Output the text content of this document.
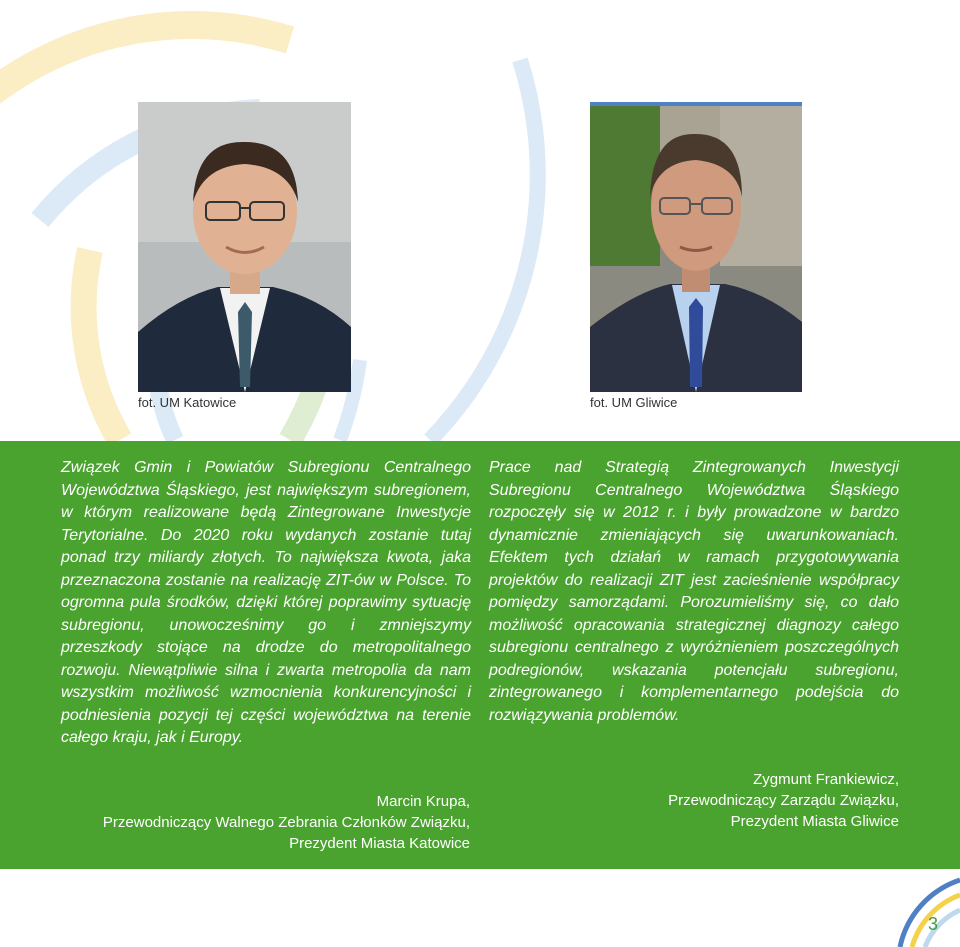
fot. UM Katowice	fot. UM Gliwice
Związek Gmin i Powiatów Subregionu Centralnego Województwa Śląskiego, jest największym subregionem, w którym realizowane będą Zintegrowane Inwestycje Terytorialne. Do 2020 roku wydanych zostanie tutaj ponad trzy miliardy złotych. To największa kwota, jaka przeznaczona zostanie na realizację ZIT-ów w Polsce. To ogromna pula środków, dzięki której poprawimy sytuację subregionu, unowocześnimy go i zmniejszymy przeszkody stojące na drodze do metropolitalnego rozwoju. Niewątpliwie silna i zwarta metropolia da nam wszystkim możliwość wzmocnienia konkurencyjności i podniesienia pozycji tej części województwa na terenie całego kraju, jak i Europy.
Prace nad Strategią Zintegrowanych Inwestycji Subregionu Centralnego Województwa Śląskiego rozpoczęły się w 2012 r. i były prowadzone w bardzo dynamicznie zmieniających się uwarunkowaniach. Efektem tych działań w ramach przygotowywania projektów do realizacji ZIT jest zacieśnienie współpracy pomiędzy samorządami. Porozumieliśmy się, co dało możliwość opracowania strategicznej diagnozy całego subregionu centralnego z wyróżnieniem poszczególnych podregionów, wskazania potencjału subregionu, zintegrowanego i komplementarnego podejścia do rozwiązywania problemów.
Marcin Krupa,
Przewodniczący Walnego Zebrania Członków Związku,
Prezydent Miasta Katowice
Zygmunt Frankiewicz,
Przewodniczący Zarządu Związku,
Prezydent Miasta Gliwice
3
